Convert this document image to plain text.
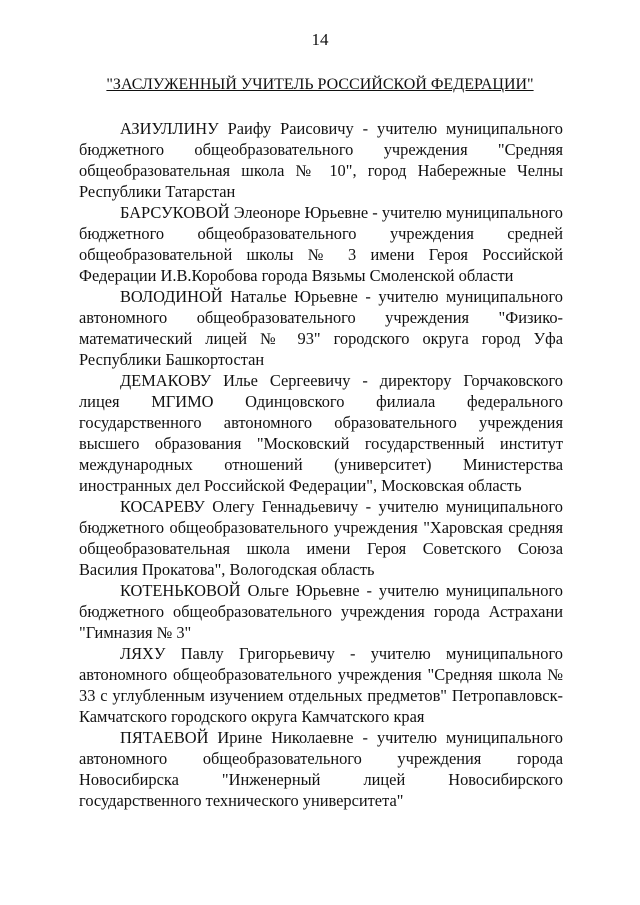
14
"ЗАСЛУЖЕННЫЙ УЧИТЕЛЬ РОССИЙСКОЙ ФЕДЕРАЦИИ"

АЗИУЛЛИНУ Раифу Раисовичу - учителю муниципального бюджетного общеобразовательного учреждения "Средняя общеобразовательная школа № 10", город Набережные Челны Республики Татарстан

БАРСУКОВОЙ Элеоноре Юрьевне - учителю муниципального бюджетного общеобразовательного учреждения средней общеобразовательной школы № 3 имени Героя Российской Федерации И.В.Коробова города Вязьмы Смоленской области

ВОЛОДИНОЙ Наталье Юрьевне - учителю муниципального автономного общеобразовательного учреждения "Физико-математический лицей № 93" городского округа город Уфа Республики Башкортостан

ДЕМАКОВУ Илье Сергеевичу - директору Горчаковского лицея МГИМО Одинцовского филиала федерального государственного автономного образовательного учреждения высшего образования "Московский государственный институт международных отношений (университет) Министерства иностранных дел Российской Федерации", Московская область

КОСАРЕВУ Олегу Геннадьевичу - учителю муниципального бюджетного общеобразовательного учреждения "Харовская средняя общеобразовательная школа имени Героя Советского Союза Василия Прокатова", Вологодская область

КОТЕНЬКОВОЙ Ольге Юрьевне - учителю муниципального бюджетного общеобразовательного учреждения города Астрахани "Гимназия № 3"

ЛЯХУ Павлу Григорьевичу - учителю муниципального автономного общеобразовательного учреждения "Средняя школа № 33 с углубленным изучением отдельных предметов" Петропавловск-Камчатского городского округа Камчатского края

ПЯТАЕВОЙ Ирине Николаевне - учителю муниципального автономного общеобразовательного учреждения города Новосибирска "Инженерный лицей Новосибирского государственного технического университета"
